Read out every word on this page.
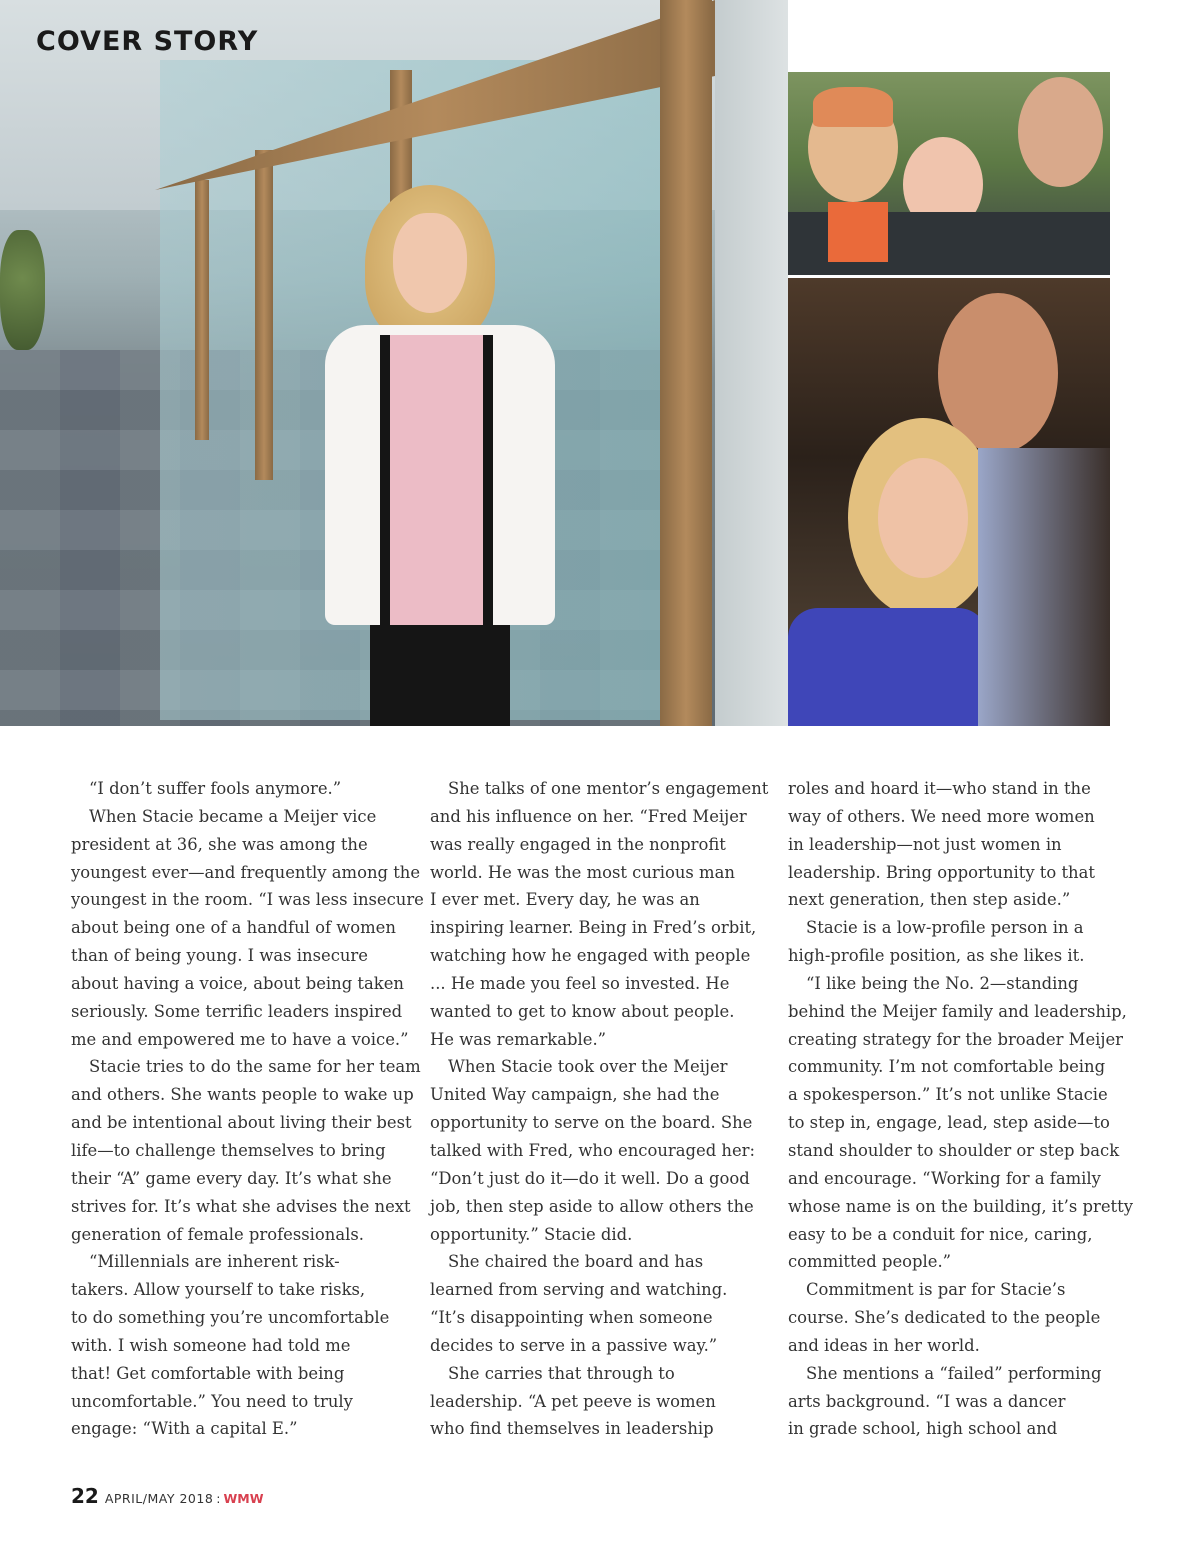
COVER STORY
“I don’t suffer fools anymore.”
When Stacie became a Meijer vice
president at 36, she was among the
youngest ever—and frequently among the
youngest in the room. “I was less insecure
about being one of a handful of women
than of being young. I was insecure
about having a voice, about being taken
seriously. Some terrific leaders inspired
me and empowered me to have a voice.”
Stacie tries to do the same for her team
and others. She wants people to wake up
and be intentional about living their best
life—to challenge themselves to bring
their “A” game every day. It’s what she
strives for. It’s what she advises the next
generation of female professionals.
“Millennials are inherent risk-
takers. Allow yourself to take risks,
to do something you’re uncomfortable
with. I wish someone had told me
that! Get comfortable with being
uncomfortable.” You need to truly
engage: “With a capital E.”
She talks of one mentor’s engagement
and his influence on her. “Fred Meijer
was really engaged in the nonprofit
world. He was the most curious man
I ever met. Every day, he was an
inspiring learner. Being in Fred’s orbit,
watching how he engaged with people
... He made you feel so invested. He
wanted to get to know about people.
He was remarkable.”
When Stacie took over the Meijer
United Way campaign, she had the
opportunity to serve on the board. She
talked with Fred, who encouraged her:
“Don’t just do it—do it well. Do a good
job, then step aside to allow others the
opportunity.” Stacie did.
She chaired the board and has
learned from serving and watching.
“It’s disappointing when someone
decides to serve in a passive way.”
She carries that through to
leadership. “A pet peeve is women
who find themselves in leadership
roles and hoard it—who stand in the
way of others. We need more women
in leadership—not just women in
leadership. Bring opportunity to that
next generation, then step aside.”
Stacie is a low-profile person in a
high-profile position, as she likes it.
“I like being the No. 2—standing
behind the Meijer family and leadership,
creating strategy for the broader Meijer
community. I’m not comfortable being
a spokesperson.” It’s not unlike Stacie
to step in, engage, lead, step aside—to
stand shoulder to shoulder or step back
and encourage. “Working for a family
whose name is on the building, it’s pretty
easy to be a conduit for nice, caring,
committed people.”
Commitment is par for Stacie’s
course. She’s dedicated to the people
and ideas in her world.
She mentions a “failed” performing
arts background. “I was a dancer
in grade school, high school and
22 APRIL/MAY 2018 : WMW
